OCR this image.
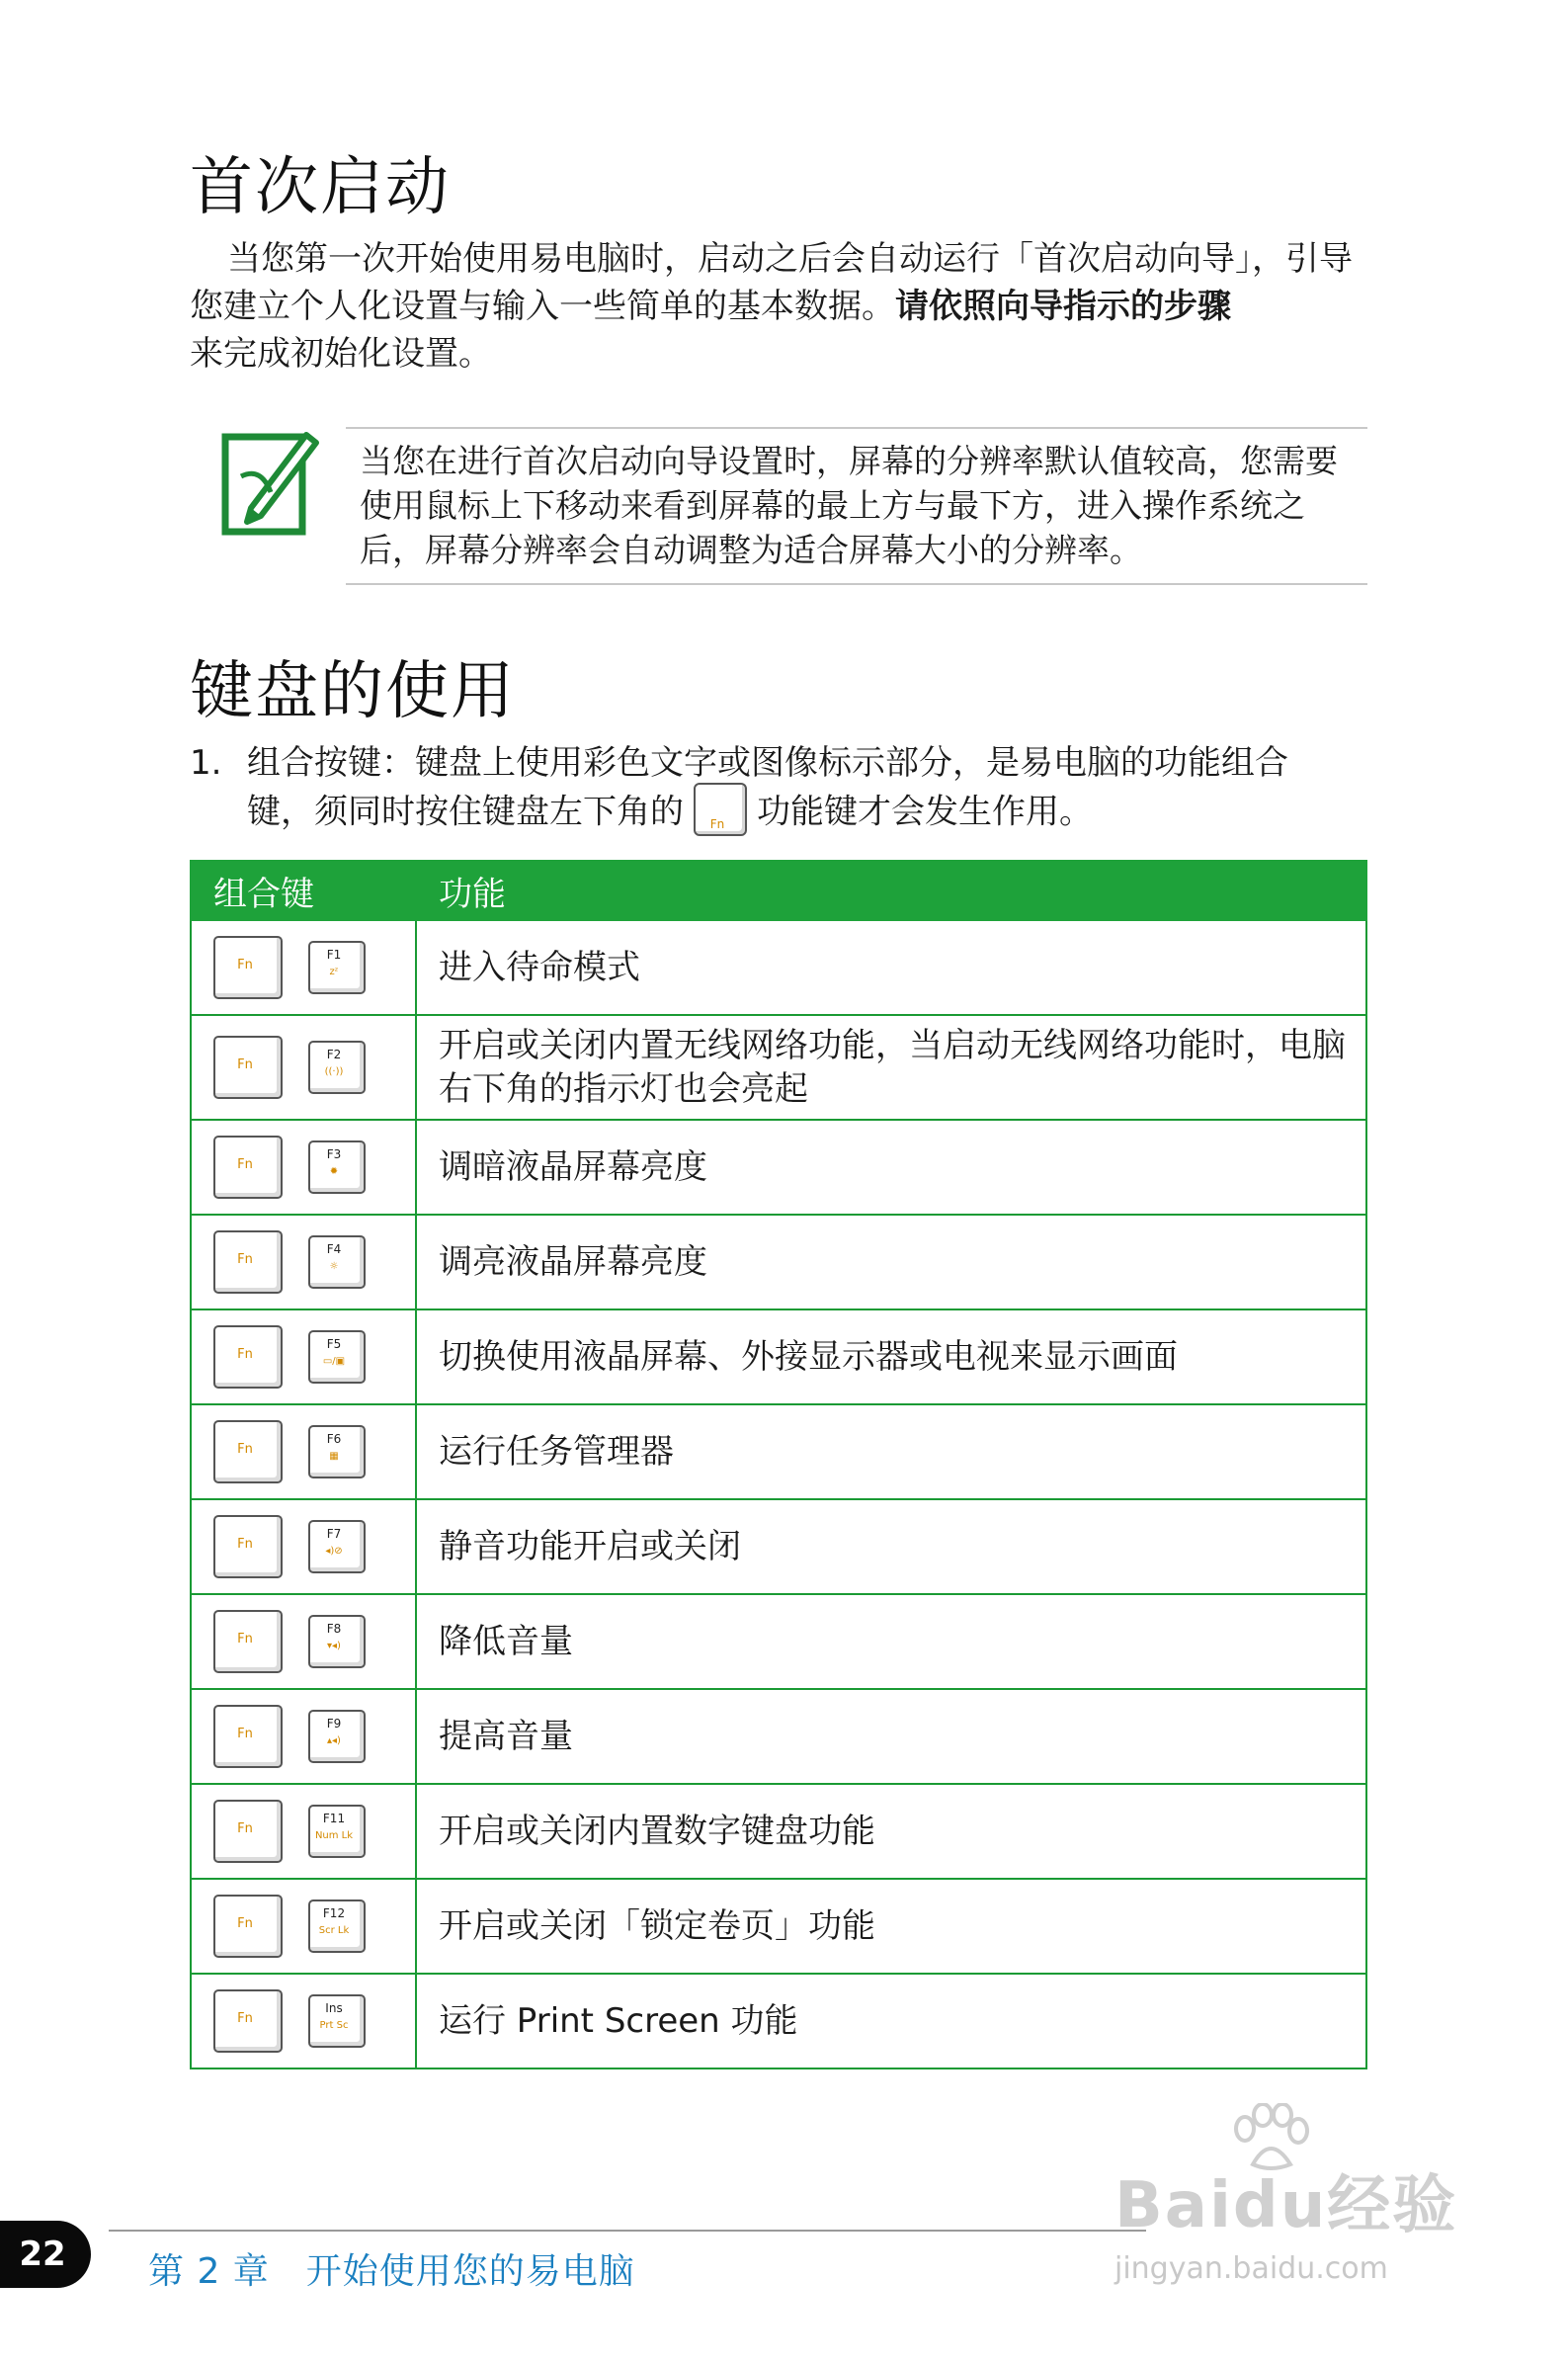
首次启动

当您第一次开始使用易电脑时，启动之后会自动运行「首次启动向导」，引导您建立个人化设置与输入一些简单的基本数据。请依照向导指示的步骤
来完成初始化设置。

当您在进行首次启动向导设置时，屏幕的分辨率默认值较高，您需要使用鼠标上下移动来看到屏幕的最上方与最下方，进入操作系统之后，屏幕分辨率会自动调整为适合屏幕大小的分辨率。
键盘的使用
1. 组合按键：键盘上使用彩色文字或图像标示部分，是易电脑的功能组合
键，须同时按住键盘左下角的	Fn 功能键才会发生作用。
组合键	功能

Fn
F1
zᶻ	进入待命模式

Fn
F2
((·))	开启或关闭内置无线网络功能，当启动无线网络功能时，电脑右下角的指示灯也会亮起

Fn
F3
✹	调暗液晶屏幕亮度

Fn
F4
☼	调亮液晶屏幕亮度

Fn
F5
▭/▣	切换使用液晶屏幕、外接显示器或电视来显示画面

Fn
F6
▦	运行任务管理器

Fn
F7
◂)⊘	静音功能开启或关闭

Fn
F8
▾◂)	降低音量

Fn
F9
▴◂)	提高音量

Fn
F11
Num Lk	开启或关闭内置数字键盘功能

Fn
F12
Scr Lk	开启或关闭「锁定卷页」功能

Fn
Ins
Prt Sc	运行 Print Screen 功能
22	第 2 章　开始使用您的易电脑
Baidu经验
jingyan.baidu.com
